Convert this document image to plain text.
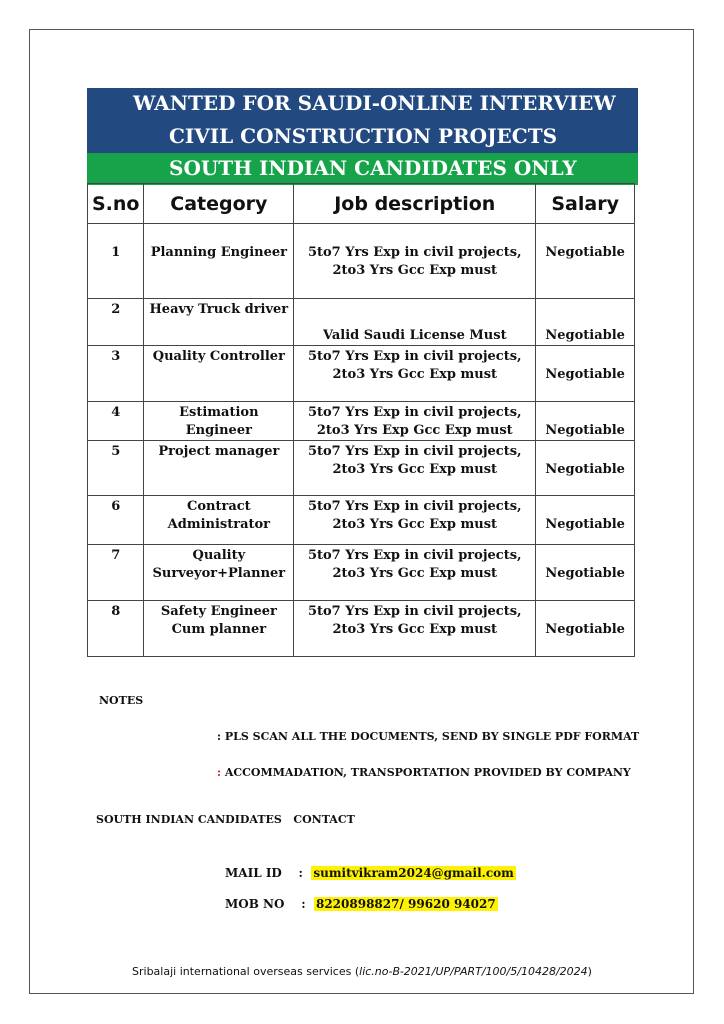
WANTED FOR SAUDI-ONLINE INTERVIEW
CIVIL CONSTRUCTION PROJECTS
SOUTH INDIAN CANDIDATES ONLY
S.no	Category	Job description	Salary
1	Planning Engineer	5to7 Yrs Exp in civil projects, 2to3 Yrs Gcc Exp must	Negotiable
2	Heavy Truck driver	Valid Saudi License Must	Negotiable
3	Quality Controller	5to7 Yrs Exp in civil projects, 2to3 Yrs Gcc Exp must	Negotiable
4	Estimation Engineer	5to7 Yrs Exp in civil projects, 2to3 Yrs Exp Gcc Exp must	Negotiable
5	Project manager	5to7 Yrs Exp in civil projects, 2to3 Yrs Gcc Exp must	Negotiable
6	Contract Administrator	5to7 Yrs Exp in civil projects, 2to3 Yrs Gcc Exp must	Negotiable
7	Quality Surveyor+Planner	5to7 Yrs Exp in civil projects, 2to3 Yrs Gcc Exp must	Negotiable
8	Safety Engineer Cum planner	5to7 Yrs Exp in civil projects, 2to3 Yrs Gcc Exp must	Negotiable
NOTES
: PLS SCAN ALL THE DOCUMENTS, SEND BY SINGLE PDF FORMAT
: ACCOMMADATION, TRANSPORTATION PROVIDED BY COMPANY
SOUTH INDIAN CANDIDATES   CONTACT
MAIL ID    :  sumitvikram2024@gmail.com
MOB NO    :  8220898827/ 99620 94027
Sribalaji international overseas services (lic.no-B-2021/UP/PART/100/5/10428/2024)
